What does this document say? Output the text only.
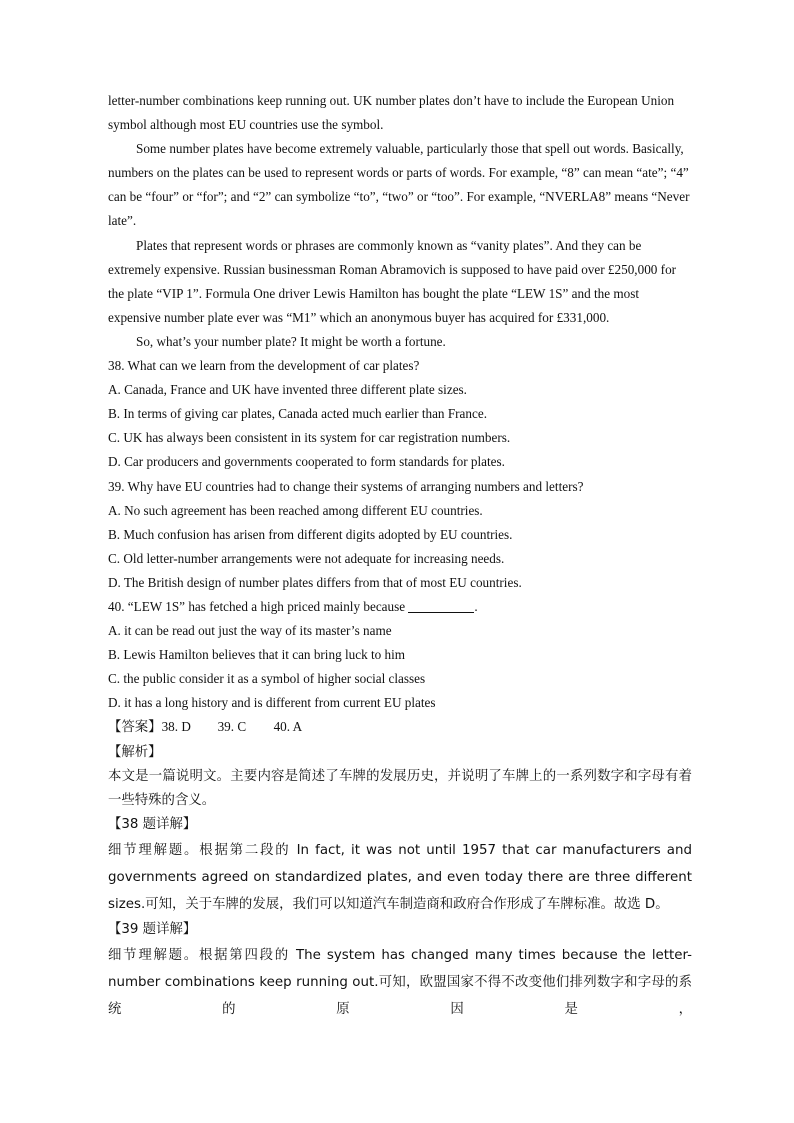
letter-number combinations keep running out. UK number plates don’t have to include the European Union symbol although most EU countries use the symbol.

Some number plates have become extremely valuable, particularly those that spell out words. Basically, numbers on the plates can be used to represent words or parts of words. For example, “8” can mean “ate”; “4” can be “four” or “for”; and “2” can symbolize “to”, “two” or “too”. For example, “NVERLA8” means “Never late”.

Plates that represent words or phrases are commonly known as “vanity plates”. And they can be extremely expensive. Russian businessman Roman Abramovich is supposed to have paid over £250,000 for the plate “VIP 1”. Formula One driver Lewis Hamilton has bought the plate “LEW 1S” and the most expensive number plate ever was “M1” which an anonymous buyer has acquired for £331,000.

So, what’s your number plate? It might be worth a fortune.

38. What can we learn from the development of car plates?

A. Canada, France and UK have invented three different plate sizes.

B. In terms of giving car plates, Canada acted much earlier than France.

C. UK has always been consistent in its system for car registration numbers.

D. Car producers and governments cooperated to form standards for plates.

39. Why have EU countries had to change their systems of arranging numbers and letters?

A. No such agreement has been reached among different EU countries.

B. Much confusion has arisen from different digits adopted by EU countries.

C. Old letter-number arrangements were not adequate for increasing needs.

D. The British design of number plates differs from that of most EU countries.

40. “LEW 1S” has fetched a high priced mainly because	.

A. it can be read out just the way of its master’s name

B. Lewis Hamilton believes that it can bring luck to him

C. the public consider it as a symbol of higher social classes

D. it has a long history and is different from current EU plates

【答案】38. D 39. C 40. A

【解析】

本文是一篇说明文。主要内容是简述了车牌的发展历史，并说明了车牌上的一系列数字和字母有着一些特殊的含义。

【38 题详解】

细节理解题。根据第二段的 In fact, it was not until 1957 that car manufacturers and governments agreed on standardized plates, and even today there are three different sizes.可知，关于车牌的发展，我们可以知道汽车制造商和政府合作形成了车牌标准。故选 D。

【39 题详解】

细节理解题。根据第四段的 The system has changed many times because the letter-number combinations keep running out.可知，欧盟国家不得不改变他们排列数字和字母的系统的原因是，
